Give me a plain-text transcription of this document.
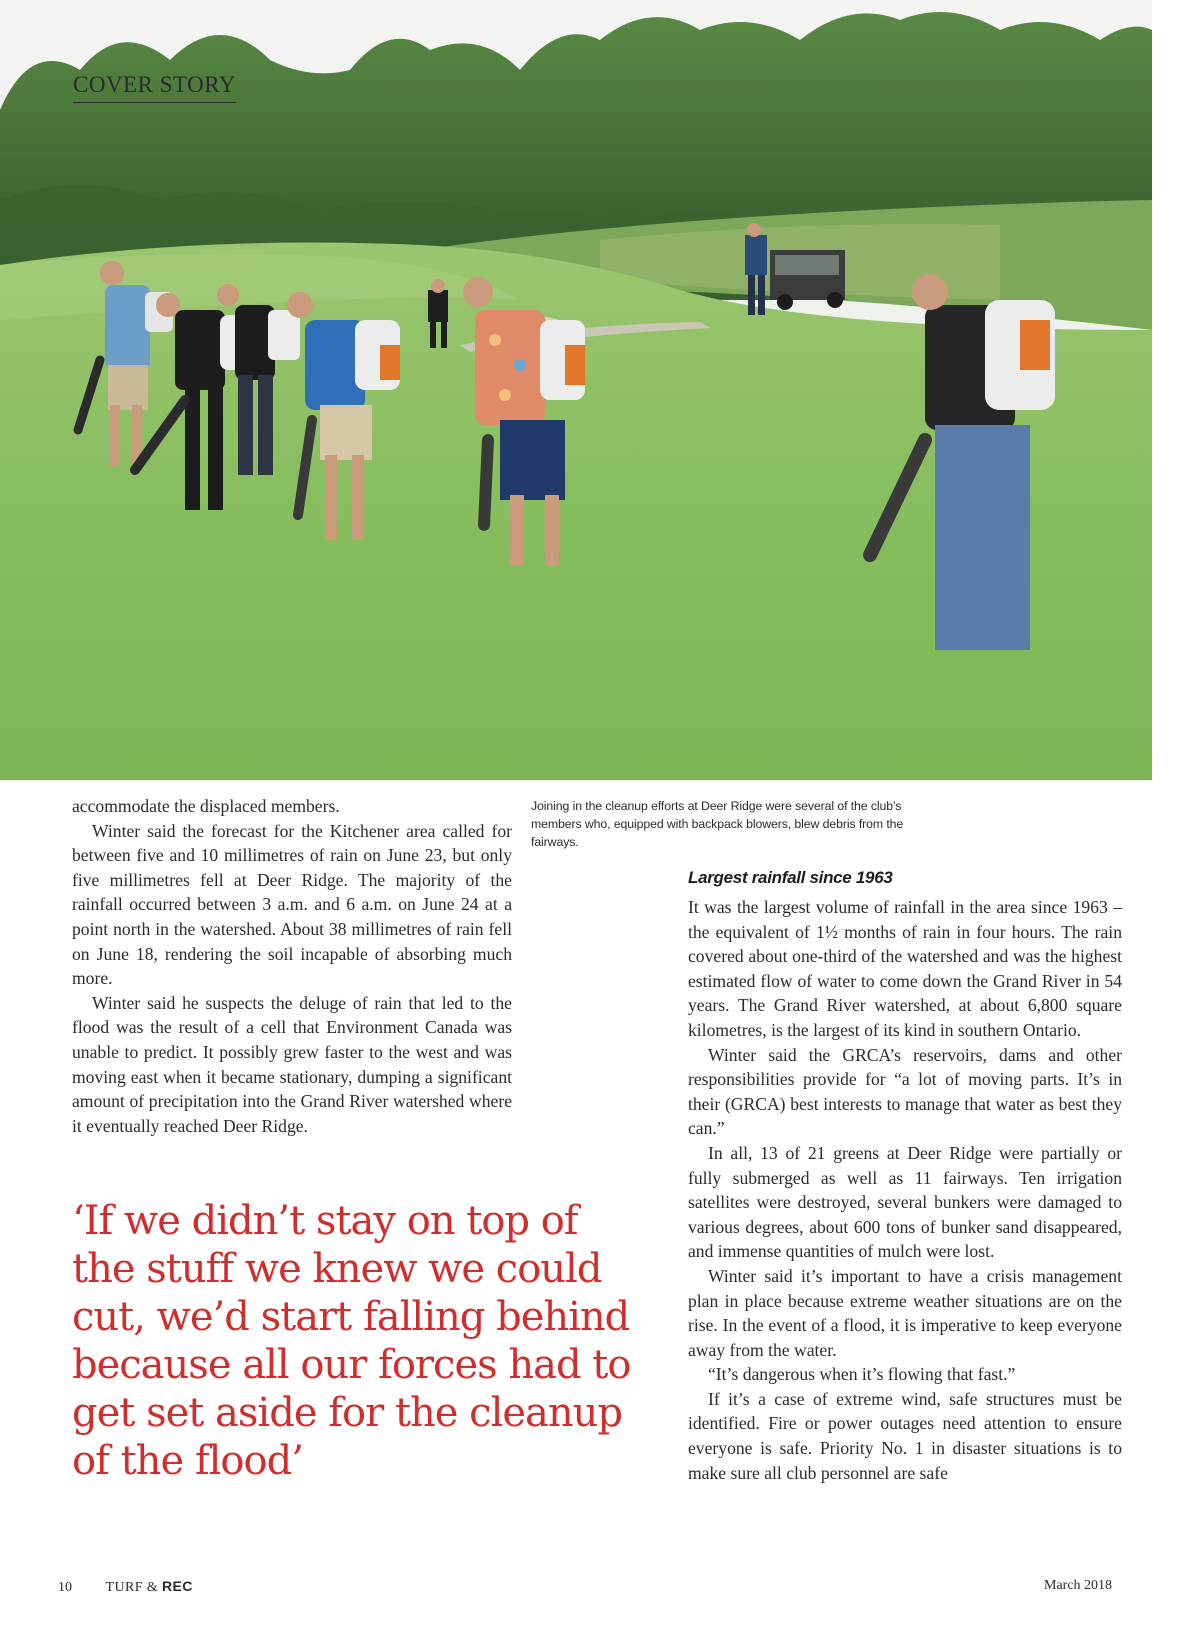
COVER STORY

accommodate the displaced members.

Winter said the forecast for the Kitchener area called for between five and 10 millimetres of rain on June 23, but only five millimetres fell at Deer Ridge. The majority of the rainfall occurred between 3 a.m. and 6 a.m. on June 24 at a point north in the watershed. About 38 millimetres of rain fell on June 18, rendering the soil incapable of absorbing much more.

Winter said he suspects the deluge of rain that led to the flood was the result of a cell that Environment Canada was unable to predict. It possibly grew faster to the west and was moving east when it became stationary, dumping a significant amount of precipitation into the Grand River watershed where it eventually reached Deer Ridge.

‘If we didn’t stay on top of the stuff we knew we could cut, we’d start falling behind because all our forces had to get set aside for the cleanup of the flood’
Joining in the cleanup efforts at Deer Ridge were several of the club’s members who, equipped with backpack blowers, blew debris from the fairways.
Largest rainfall since 1963

It was the largest volume of rainfall in the area since 1963 – the equivalent of 1½ months of rain in four hours. The rain covered about one-third of the watershed and was the highest estimated flow of water to come down the Grand River in 54 years. The Grand River watershed, at about 6,800 square kilometres, is the largest of its kind in southern Ontario.

Winter said the GRCA’s reservoirs, dams and other responsibilities provide for “a lot of moving parts. It’s in their (GRCA) best interests to manage that water as best they can.”

In all, 13 of 21 greens at Deer Ridge were partially or fully submerged as well as 11 fairways. Ten irrigation satellites were destroyed, several bunkers were damaged to various degrees, about 600 tons of bunker sand disappeared, and immense quantities of mulch were lost.

Winter said it’s important to have a crisis management plan in place because extreme weather situations are on the rise. In the event of a flood, it is imperative to keep everyone away from the water.

“It’s dangerous when it’s flowing that fast.”

If it’s a case of extreme wind, safe structures must be identified. Fire or power outages need attention to ensure everyone is safe. Priority No. 1 in disaster situations is to make sure all club personnel are safe

10 TURF & REC	March 2018
